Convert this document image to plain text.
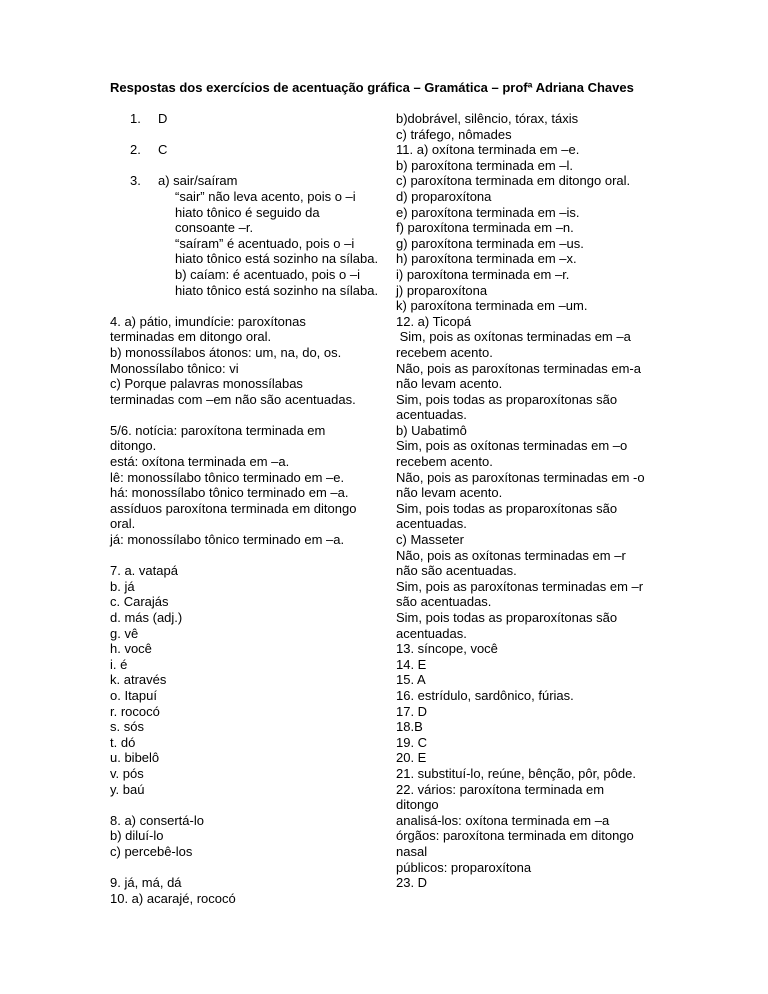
Respostas dos exercícios de acentuação gráfica – Gramática – profª Adriana Chaves
1. D
2. C
3. a) sair/saíram
“sair” não leva acento, pois o –i
hiato tônico é seguido da
consoante –r.
“saíram” é acentuado, pois o –i
hiato tônico está sozinho na sílaba.
b) caíam: é acentuado, pois o –i
hiato tônico está sozinho na sílaba.
4. a) pátio, imundície: paroxítonas
terminadas em ditongo oral.
b) monossílabos átonos: um, na, do, os.
Monossílabo tônico: vi
c) Porque palavras monossílabas
terminadas com –em não são acentuadas.
5/6. notícia: paroxítona terminada em
ditongo.
está: oxítona terminada em –a.
lê: monossílabo tônico terminado em –e.
há: monossílabo tônico terminado em –a.
assíduos paroxítona terminada em ditongo
oral.
já: monossílabo tônico terminado em –a.
7. a. vatapá
b. já
c. Carajás
d. más (adj.)
g. vê
h. você
i. é
k. através
o. Itapuí
r. rococó
s. sós
t. dó
u. bibelô
v. pós
y. baú
8. a) consertá-lo
b) diluí-lo
c) percebê-los
9. já, má, dá
10. a) acarajé, rococó
b)dobrável, silêncio, tórax, táxis
c) tráfego, nômades
11. a) oxítona terminada em –e.
b) paroxítona terminada em –l.
c) paroxítona terminada em ditongo oral.
d) proparoxítona
e) paroxítona terminada em –is.
f) paroxítona terminada em –n.
g) paroxítona terminada em –us.
h) paroxítona terminada em –x.
i) paroxítona terminada em –r.
j) proparoxítona
k) paroxítona terminada em –um.
12. a) Ticopá
Sim, pois as oxítonas terminadas em –a
recebem acento.
Não, pois as paroxítonas terminadas em-a
não levam acento.
Sim, pois todas as proparoxítonas são
acentuadas.
b) Uabatimô
Sim, pois as oxítonas terminadas em –o
recebem acento.
Não, pois as paroxítonas terminadas em -o
não levam acento.
Sim, pois todas as proparoxítonas são
acentuadas.
c) Masseter
Não, pois as oxítonas terminadas em –r
não são acentuadas.
Sim, pois as paroxítonas terminadas em –r
são acentuadas.
Sim, pois todas as proparoxítonas são
acentuadas.
13. síncope, você
14. E
15. A
16. estrídulo, sardônico, fúrias.
17. D
18.B
19. C
20. E
21. substituí-lo, reúne, bênção, pôr, pôde.
22. vários: paroxítona terminada em
ditongo
analisá-los: oxítona terminada em –a
órgãos: paroxítona terminada em ditongo
nasal
públicos: proparoxítona
23. D
